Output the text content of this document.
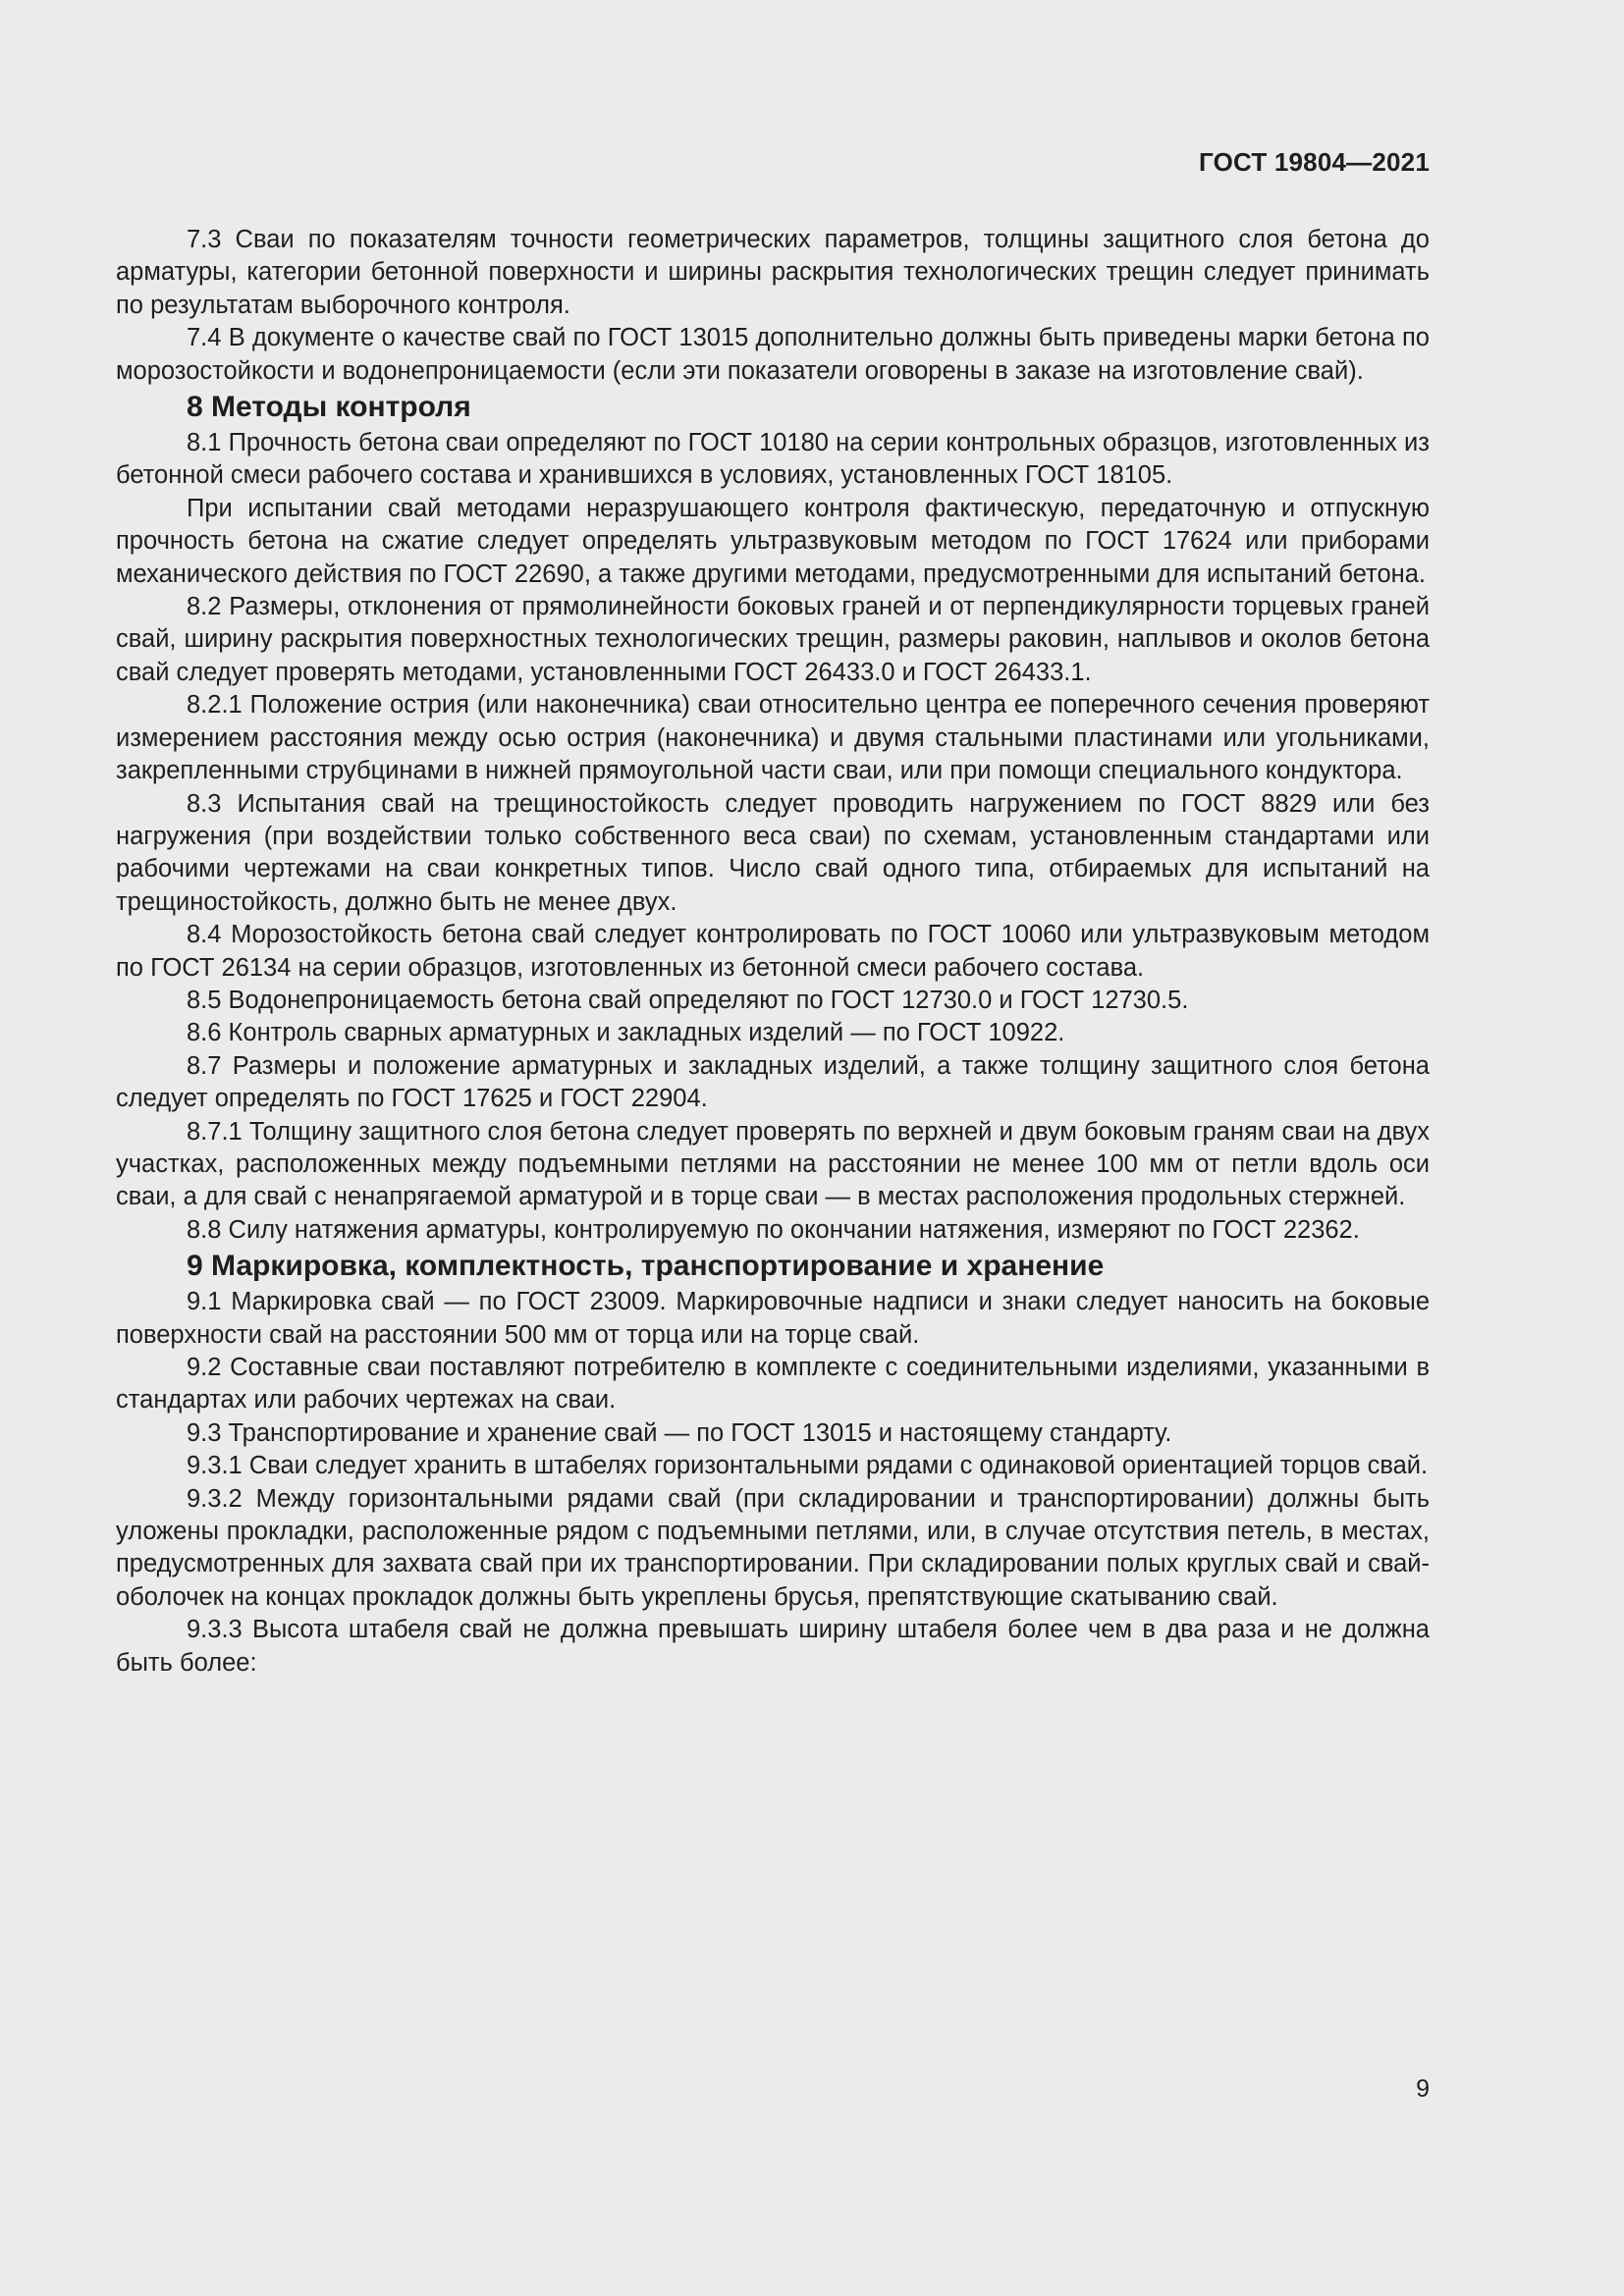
ГОСТ 19804—2021

7.3 Сваи по показателям точности геометрических параметров, толщины защитного слоя бетона до арматуры, категории бетонной поверхности и ширины раскрытия технологических трещин следует принимать по результатам выборочного контроля.

7.4 В документе о качестве свай по ГОСТ 13015 дополнительно должны быть приведены марки бетона по морозостойкости и водонепроницаемости (если эти показатели оговорены в заказе на изготовление свай).

8 Методы контроля

8.1 Прочность бетона сваи определяют по ГОСТ 10180 на серии контрольных образцов, изготовленных из бетонной смеси рабочего состава и хранившихся в условиях, установленных ГОСТ 18105.

При испытании свай методами неразрушающего контроля фактическую, передаточную и отпускную прочность бетона на сжатие следует определять ультразвуковым методом по ГОСТ 17624 или приборами механического действия по ГОСТ 22690, а также другими методами, предусмотренными для испытаний бетона.

8.2 Размеры, отклонения от прямолинейности боковых граней и от перпендикулярности торцевых граней свай, ширину раскрытия поверхностных технологических трещин, размеры раковин, наплывов и околов бетона свай следует проверять методами, установленными ГОСТ 26433.0 и ГОСТ 26433.1.

8.2.1 Положение острия (или наконечника) сваи относительно центра ее поперечного сечения проверяют измерением расстояния между осью острия (наконечника) и двумя стальными пластинами или угольниками, закрепленными струбцинами в нижней прямоугольной части сваи, или при помощи специального кондуктора.

8.3 Испытания свай на трещиностойкость следует проводить нагружением по ГОСТ 8829 или без нагружения (при воздействии только собственного веса сваи) по схемам, установленным стандартами или рабочими чертежами на сваи конкретных типов. Число свай одного типа, отбираемых для испытаний на трещиностойкость, должно быть не менее двух.

8.4 Морозостойкость бетона свай следует контролировать по ГОСТ 10060 или ультразвуковым методом по ГОСТ 26134 на серии образцов, изготовленных из бетонной смеси рабочего состава.

8.5 Водонепроницаемость бетона свай определяют по ГОСТ 12730.0 и ГОСТ 12730.5.

8.6 Контроль сварных арматурных и закладных изделий — по ГОСТ 10922.

8.7 Размеры и положение арматурных и закладных изделий, а также толщину защитного слоя бетона следует определять по ГОСТ 17625 и ГОСТ 22904.

8.7.1 Толщину защитного слоя бетона следует проверять по верхней и двум боковым граням сваи на двух участках, расположенных между подъемными петлями на расстоянии не менее 100 мм от петли вдоль оси сваи, а для свай с ненапрягаемой арматурой и в торце сваи — в местах расположения продольных стержней.

8.8 Силу натяжения арматуры, контролируемую по окончании натяжения, измеряют по ГОСТ 22362.

9 Маркировка, комплектность, транспортирование и хранение

9.1 Маркировка свай — по ГОСТ 23009. Маркировочные надписи и знаки следует наносить на боковые поверхности свай на расстоянии 500 мм от торца или на торце свай.

9.2 Составные сваи поставляют потребителю в комплекте с соединительными изделиями, указанными в стандартах или рабочих чертежах на сваи.

9.3 Транспортирование и хранение свай — по ГОСТ 13015 и настоящему стандарту.

9.3.1 Сваи следует хранить в штабелях горизонтальными рядами с одинаковой ориентацией торцов свай.

9.3.2 Между горизонтальными рядами свай (при складировании и транспортировании) должны быть уложены прокладки, расположенные рядом с подъемными петлями, или, в случае отсутствия петель, в местах, предусмотренных для захвата свай при их транспортировании. При складировании полых круглых свай и свай-оболочек на концах прокладок должны быть укреплены брусья, препятствующие скатыванию свай.

9.3.3 Высота штабеля свай не должна превышать ширину штабеля более чем в два раза и не должна быть более:

9
